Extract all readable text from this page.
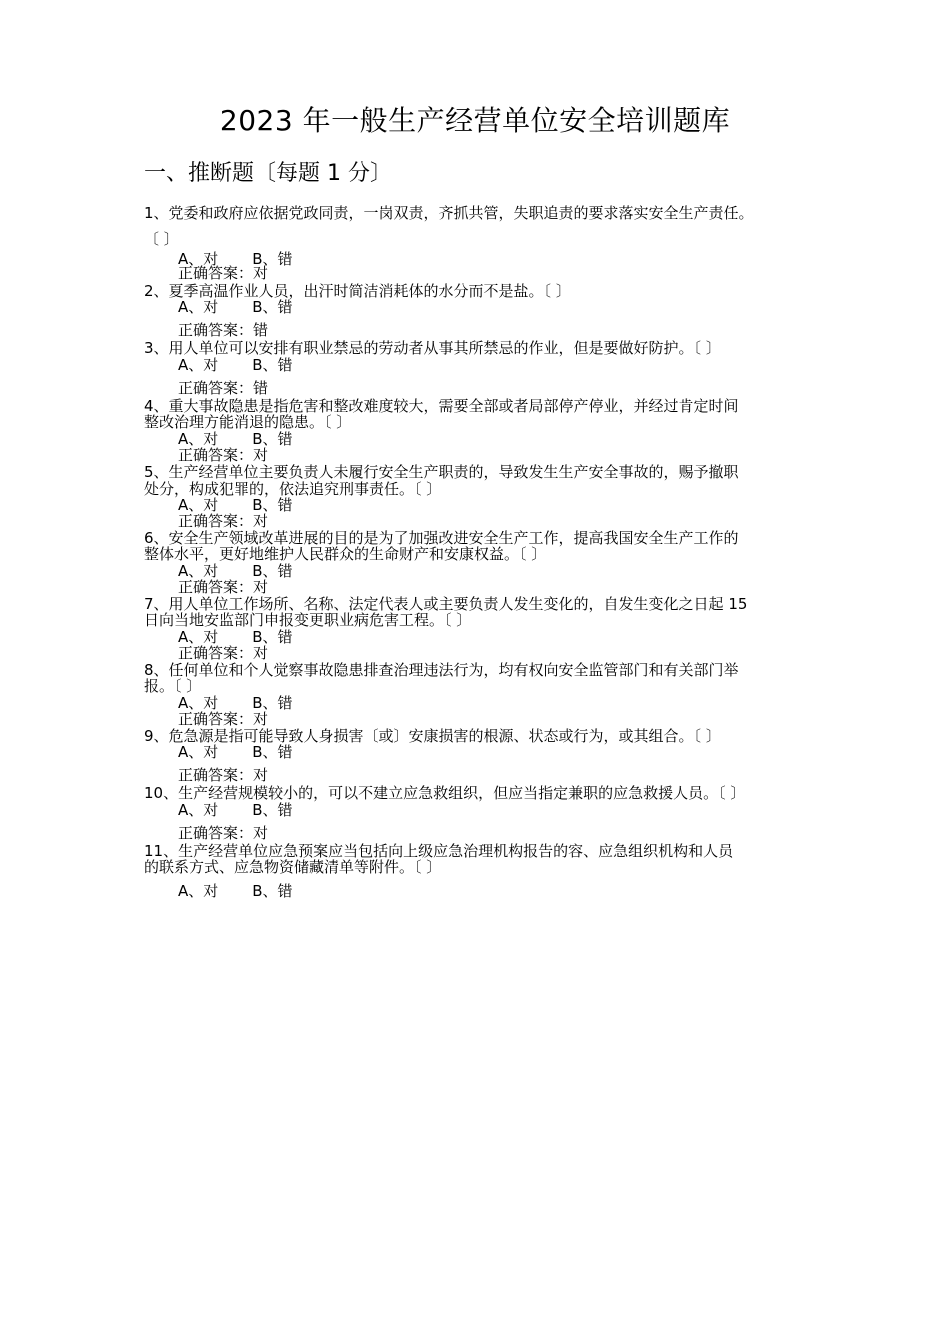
2023 年一般生产经营单位安全培训题库
一、推断题〔每题 1 分〕
1、党委和政府应依据党政同责，一岗双责，齐抓共管，失职追责的要求落实安全生产责任。
〔 〕
A、对 B、错
正确答案：对
2、夏季高温作业人员，出汗时简洁消耗体的水分而不是盐。〔 〕
A、对 B、错
正确答案：错
3、用人单位可以安排有职业禁忌的劳动者从事其所禁忌的作业，但是要做好防护。〔 〕
A、对 B、错
正确答案：错
4、重大事故隐患是指危害和整改难度较大，需要全部或者局部停产停业，并经过肯定时间
整改治理方能消退的隐患。〔 〕
A、对 B、错
正确答案：对
5、生产经营单位主要负责人未履行安全生产职责的，导致发生生产安全事故的，赐予撤职
处分，构成犯罪的，依法追究刑事责任。〔 〕
A、对 B、错
正确答案：对
6、安全生产领域改革进展的目的是为了加强改进安全生产工作，提高我国安全生产工作的
整体水平，更好地维护人民群众的生命财产和安康权益。〔 〕
A、对 B、错
正确答案：对
7、用人单位工作场所、名称、法定代表人或主要负责人发生变化的，自发生变化之日起 15
日向当地安监部门申报变更职业病危害工程。〔 〕
A、对 B、错
正确答案：对
8、任何单位和个人觉察事故隐患排查治理违法行为，均有权向安全监管部门和有关部门举
报。〔 〕
A、对 B、错
正确答案：对
9、危急源是指可能导致人身损害〔或〕安康损害的根源、状态或行为，或其组合。〔 〕
A、对 B、错
正确答案：对
10、生产经营规模较小的，可以不建立应急救组织，但应当指定兼职的应急救援人员。〔 〕
A、对 B、错
正确答案：对
11、生产经营单位应急预案应当包括向上级应急治理机构报告的容、应急组织机构和人员
的联系方式、应急物资储藏清单等附件。〔 〕
A、对 B、错
